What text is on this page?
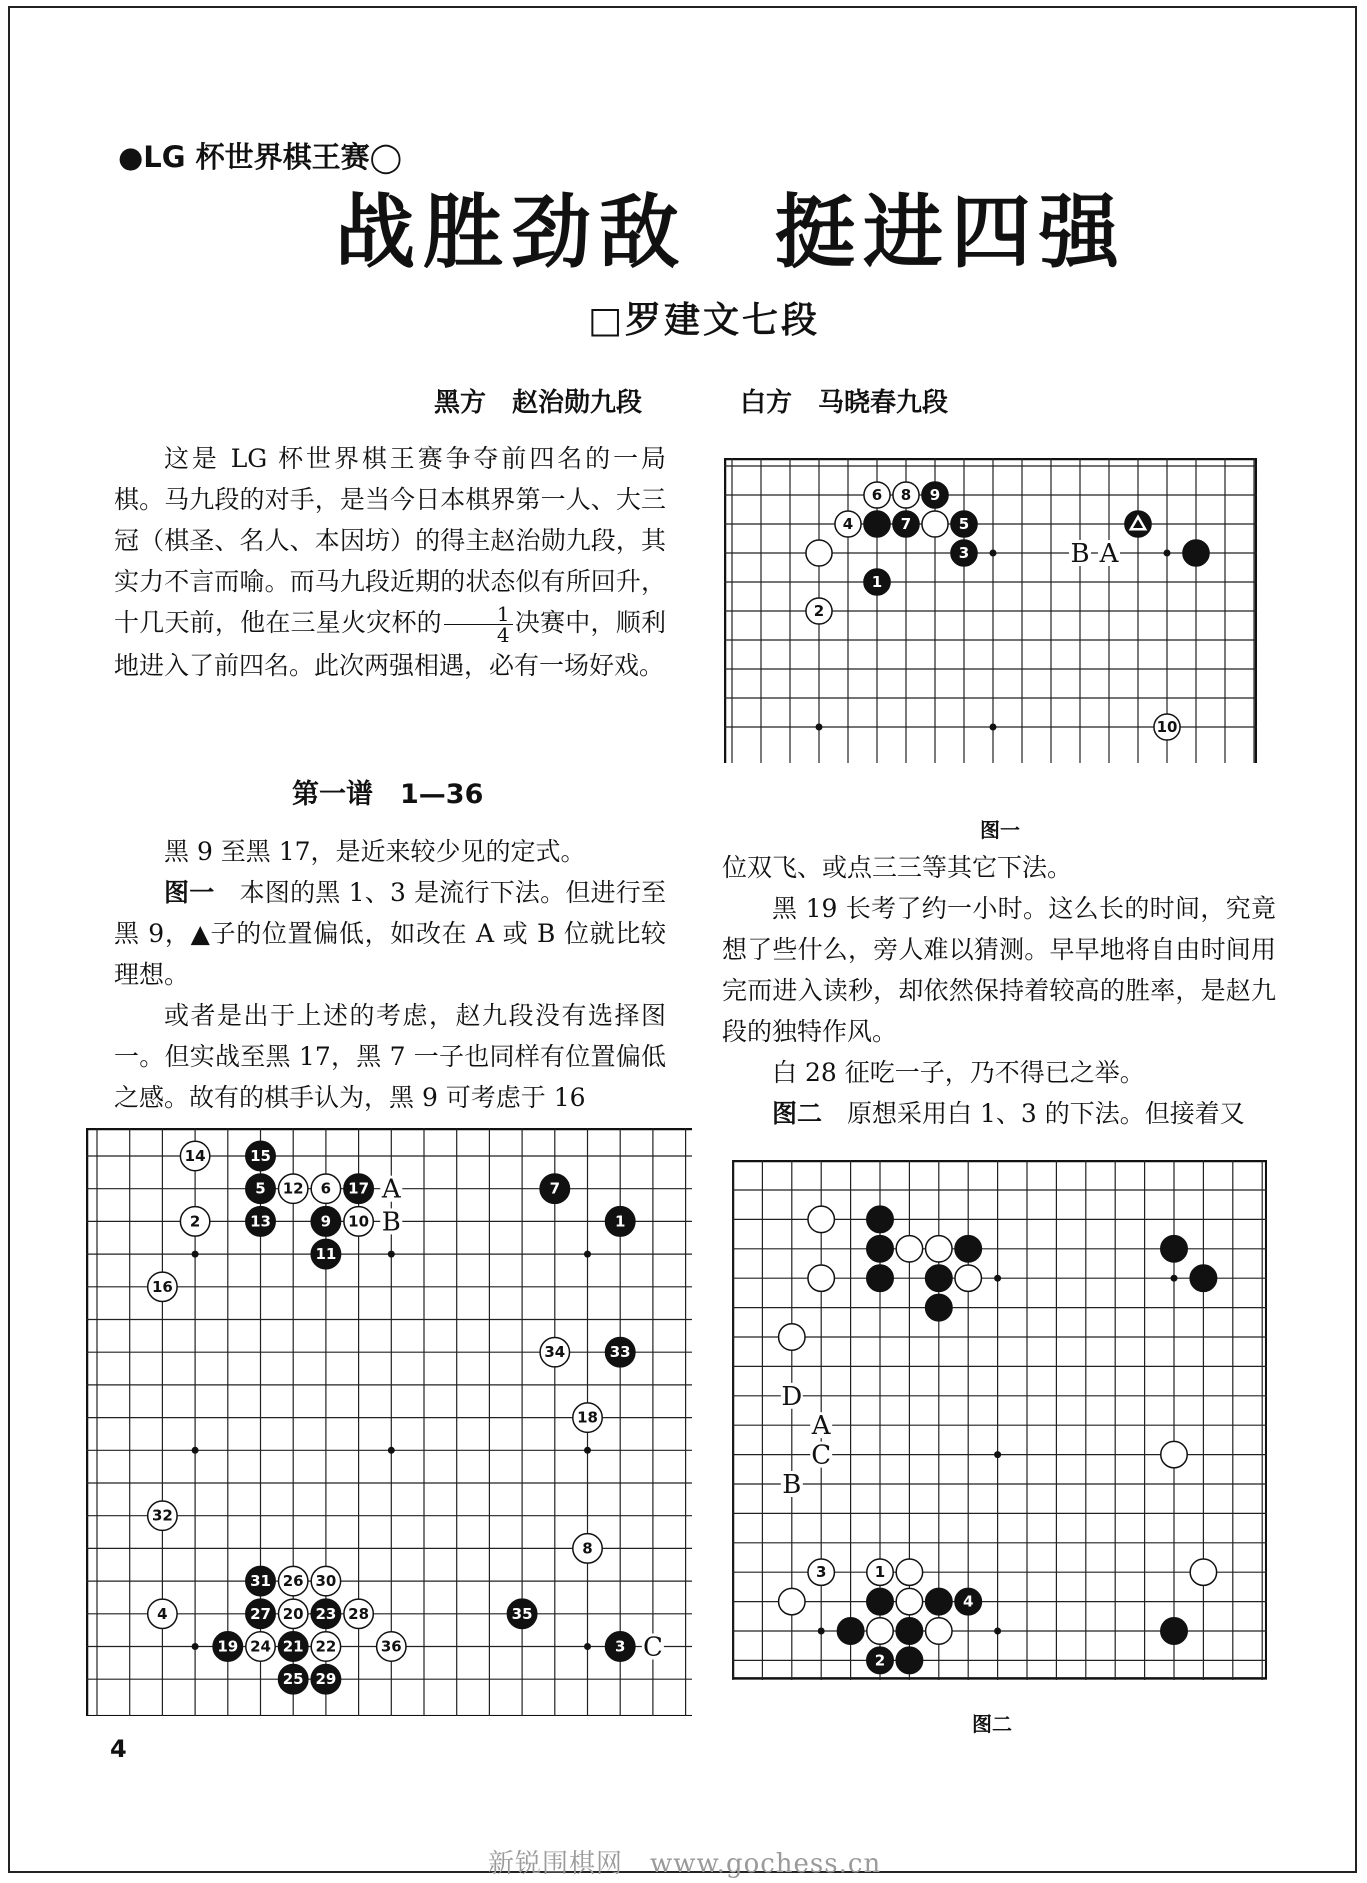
●LG 杯世界棋王赛◯
战胜劲敌　挺进四强
□罗建文七段
黑方　赵治勋九段	白方　马晓春九段

这是 LG 杯世界棋王赛争夺前四名的一局棋。马九段的对手，是当今日本棋界第一人、大三冠（棋圣、名人、本因坊）的得主赵治勋九段，其实力不言而喻。而马九段近期的状态似有所回升，十几天前，他在三星火灾杯的 $\frac{1}{4}$ 决赛中，顺利地进入了前四名。此次两强相遇，必有一场好戏。

第一谱　1—36

黑 9 至黑 17，是近来较少见的定式。

图一　本图的黑 1、3 是流行下法。但进行至黑 9，▲子的位置偏低，如改在 A 或 B 位就比较理想。

或者是出于上述的考虑，赵九段没有选择图一。但实战至黑 17，黑 7 一子也同样有位置偏低之感。故有的棋手认为，黑 9 可考虑于 16

图一

位双飞、或点三三等其它下法。

黑 19 长考了约一小时。这么长的时间，究竟想了些什么，旁人难以猜测。早早地将自由时间用完而进入读秒，却依然保持着较高的胜率，是赵九段的独特作风。

白 28 征吃一子，乃不得已之举。

图二　原想采用白 1、3 的下法。但接着又

图二
4
新锐围棋网　www.gochess.cn
3
1
2
4	5
6
7
8 9
10
A
B
1
3
5	6	7
8
9 10
11
12
13
14	15
16
17
18
19
20
21 22
23
24
25
26
27	28
29
30
31
32
33
34
35
36
4
2
A
B
C
1
2
3
4
D
A
C
B
